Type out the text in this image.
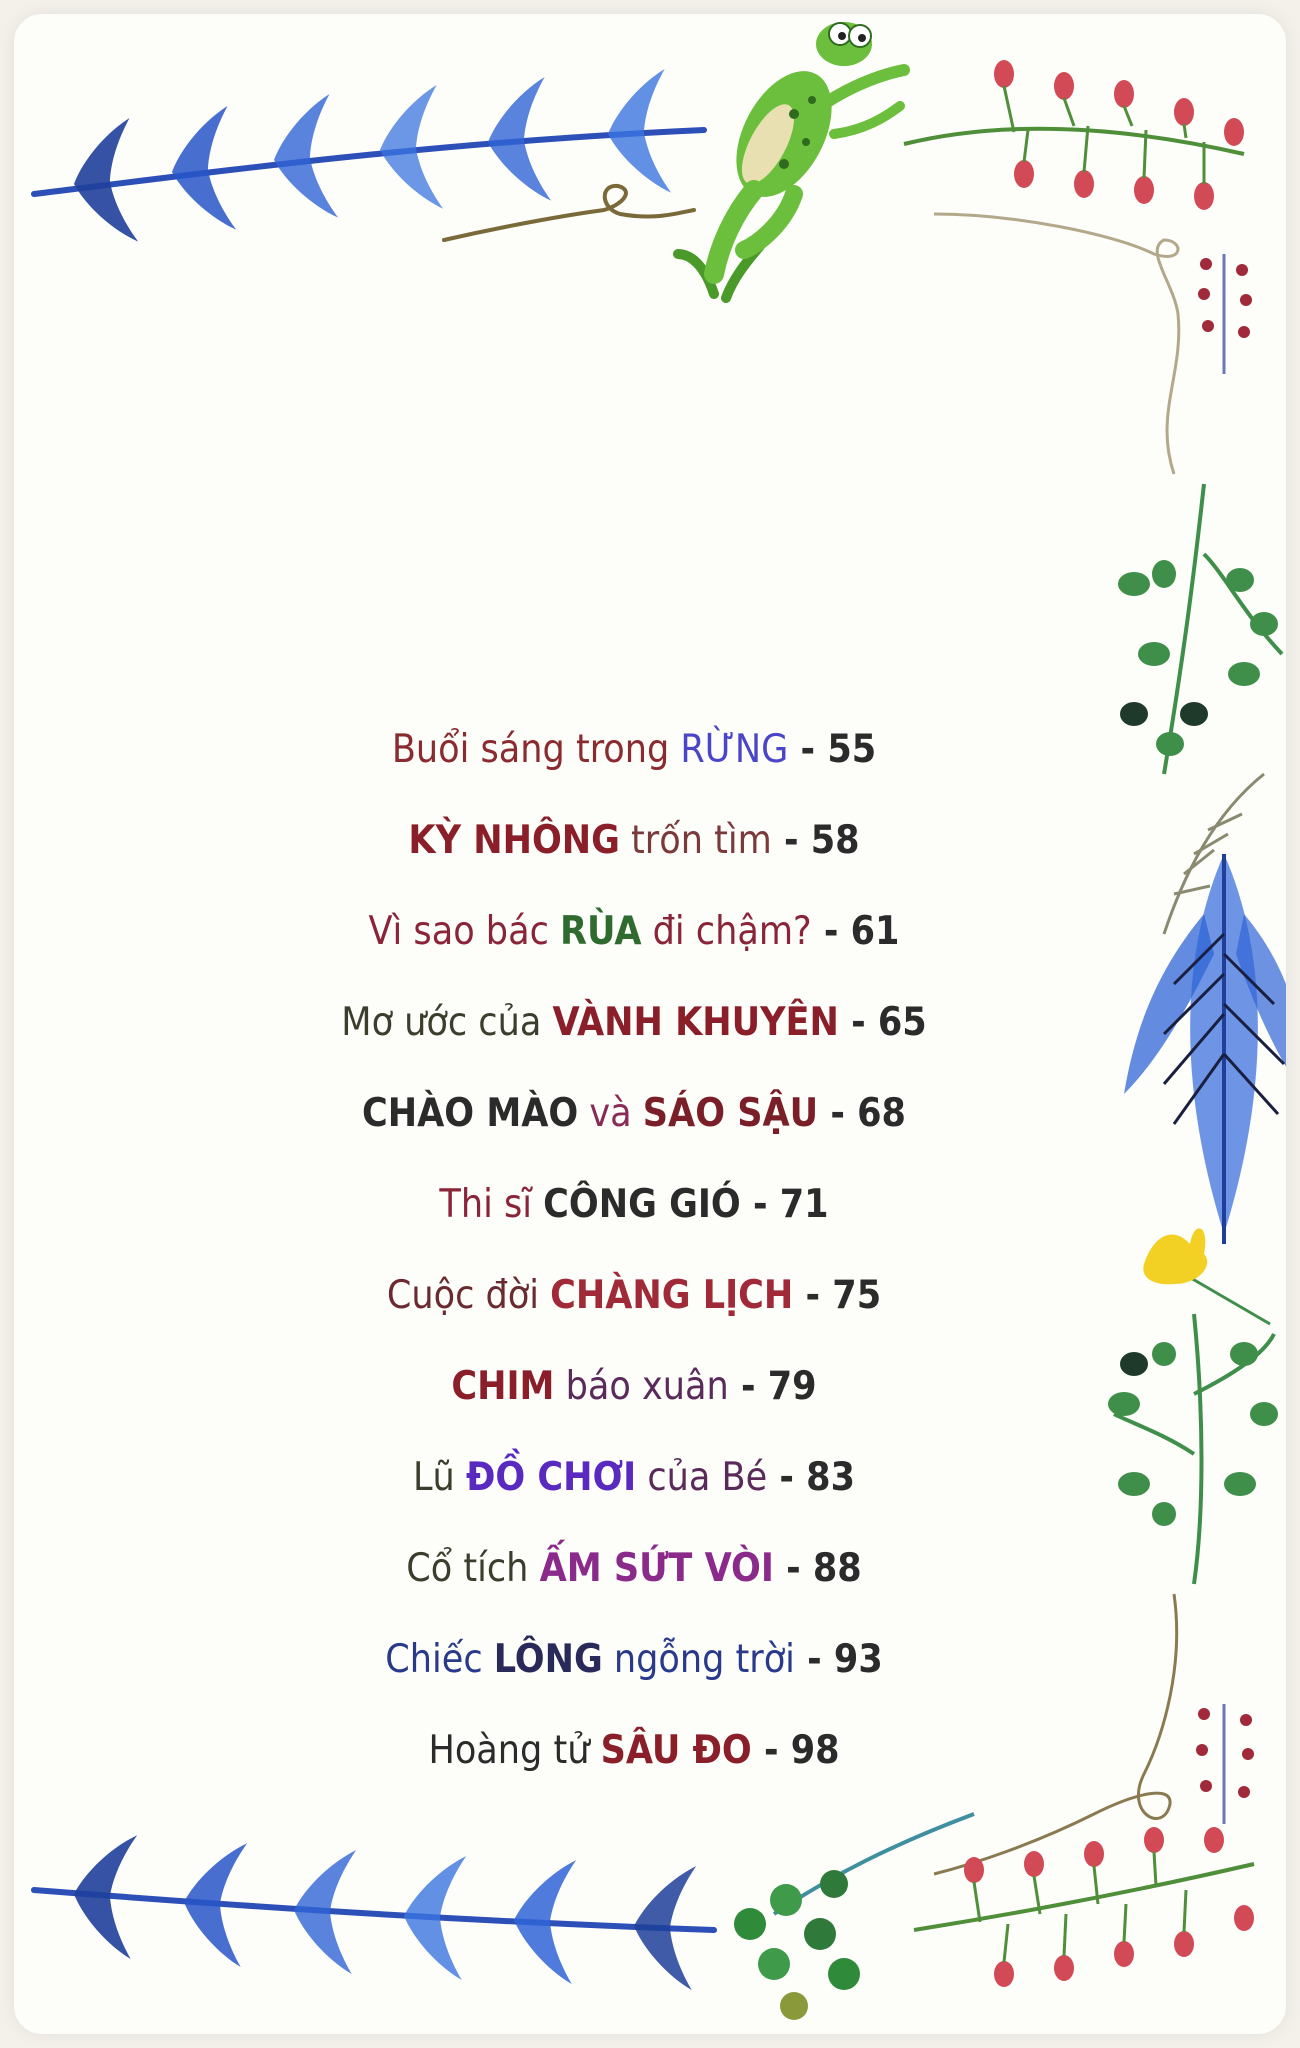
Buổi sáng trong RỪNG - 55
KỲ NHÔNG trốn tìm - 58
Vì sao bác RÙA đi chậm? - 61
Mơ ước của VÀNH KHUYÊN - 65
CHÀO MÀO và SÁO SẬU - 68
Thi sĩ CÔNG GIÓ - 71
Cuộc đời CHÀNG LỊCH - 75
CHIM báo xuân - 79
Lũ ĐỒ CHƠI của Bé - 83
Cổ tích ẤM SỨT VÒI - 88
Chiếc LÔNG ngỗng trời - 93
Hoàng tử SÂU ĐO - 98
